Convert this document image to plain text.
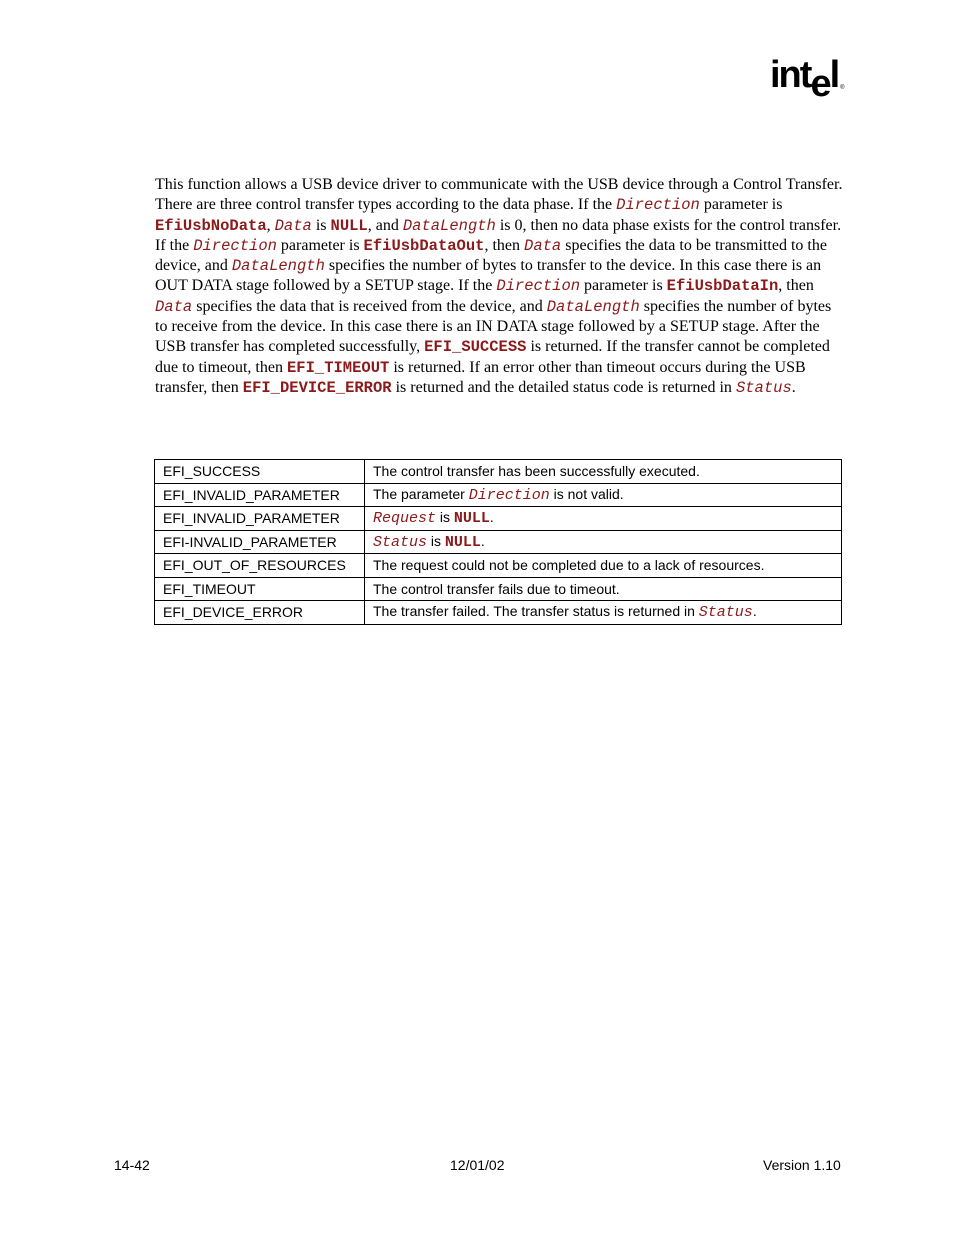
intel ®
This function allows a USB device driver to communicate with the USB device through a Control Transfer. There are three control transfer types according to the data phase. If the Direction parameter is EfiUsbNoData, Data is NULL, and DataLength is 0, then no data phase exists for the control transfer. If the Direction parameter is EfiUsbDataOut, then Data specifies the data to be transmitted to the device, and DataLength specifies the number of bytes to transfer to the device. In this case there is an OUT DATA stage followed by a SETUP stage. If the Direction parameter is EfiUsbDataIn, then Data specifies the data that is received from the device, and DataLength specifies the number of bytes to receive from the device. In this case there is an IN DATA stage followed by a SETUP stage. After the USB transfer has completed successfully, EFI_SUCCESS is returned. If the transfer cannot be completed due to timeout, then EFI_TIMEOUT is returned. If an error other than timeout occurs during the USB transfer, then EFI_DEVICE_ERROR is returned and the detailed status code is returned in Status.
EFI_SUCCESS	The control transfer has been successfully executed.
EFI_INVALID_PARAMETER	The parameter Direction is not valid.
EFI_INVALID_PARAMETER	Request is NULL.
EFI-INVALID_PARAMETER	Status is NULL.
EFI_OUT_OF_RESOURCES	The request could not be completed due to a lack of resources.
EFI_TIMEOUT	The control transfer fails due to timeout.
EFI_DEVICE_ERROR	The transfer failed. The transfer status is returned in Status.
14-42	12/01/02	Version 1.10
